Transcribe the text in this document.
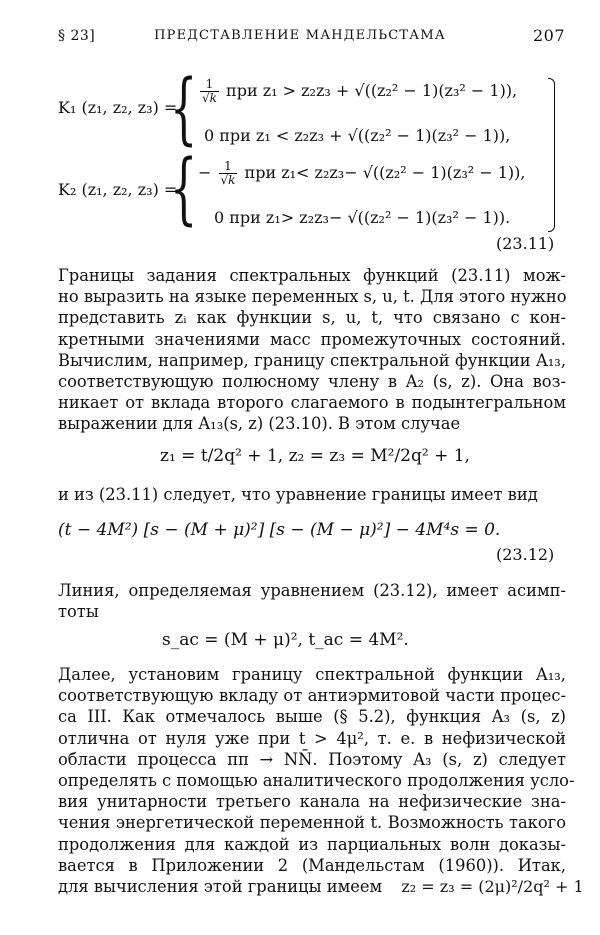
ПРЕДСТАВЛЕНИЕ МАНДЕЛЬСТАМА
§ 23]	207
K₁ (z₁, z₂, z₃) =
{ $\frac{1}{√k}$ при z₁ > z₂z₃ + √((z₂² − 1)(z₃² − 1)),
0 при z₁ < z₂z₃ + √((z₂² − 1)(z₃² − 1)),
K₂ (z₁, z₂, z₃) =
{ − $\frac{1}{√k}$ при z₁< z₂z₃− √((z₂² − 1)(z₃² − 1)),
0 при z₁> z₂z₃− √((z₂² − 1)(z₃² − 1)).
(23.11)
Границы задания спектральных функций (23.11) мож-
но выразить на языке переменных s, u, t. Для этого нужно
представить zᵢ как функции s, u, t, что связано с кон-
кретными значениями масс промежуточных состояний.
Вычислим, например, границу спектральной функции A₁₃,
соответствующую полюсному члену в A₂ (s, z). Она воз-
никает от вклада второго слагаемого в подынтегральном
выражении для A₁₃(s, z) (23.10). В этом случае
z₁ = t/2q² + 1, z₂ = z₃ = M²/2q² + 1,
и из (23.11) следует, что уравнение границы имеет вид
(t − 4M²) [s − (M + μ)²] [s − (M − μ)²] − 4M⁴s = 0.
(23.12)
Линия, определяемая уравнением (23.12), имеет асимп-
тоты
s_ac = (M + μ)², t_ac = 4M².
Далее, установим границу спектральной функции A₁₃,
соответствующую вкладу от антиэрмитовой части процес-
са III. Как отмечалось выше (§ 5.2), функция A₃ (s, z)
отлична от нуля уже при t > 4μ², т. е. в нефизической
области процесса ππ → NN̄. Поэтому A₃ (s, z) следует
определять с помощью аналитического продолжения усло-
вия унитарности третьего канала на нефизические зна-
чения энергетической переменной t. Возможность такого
продолжения для каждой из парциальных волн доказы-
вается в Приложении 2 (Мандельстам (1960)). Итак,
для вычисления этой границы имеем z₂ = z₃ = (2μ)²/2q² + 1
